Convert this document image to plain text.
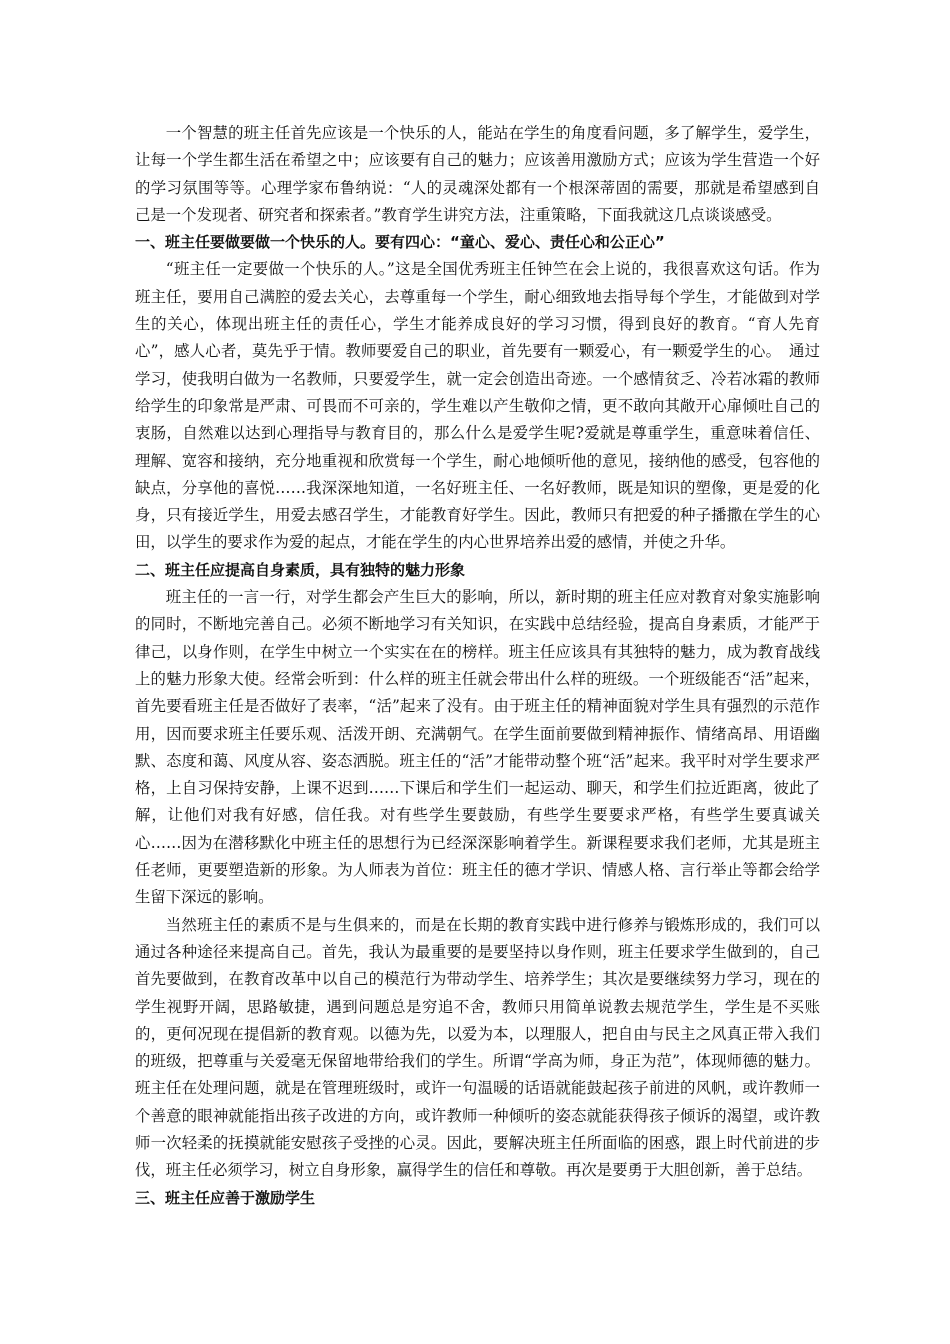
一个智慧的班主任首先应该是一个快乐的人，能站在学生的角度看问题，多了解学生，爱学生，让每一个学生都生活在希望之中；应该要有自己的魅力；应该善用激励方式；应该为学生营造一个好的学习氛围等等。心理学家布鲁纳说：“人的灵魂深处都有一个根深蒂固的需要，那就是希望感到自己是一个发现者、研究者和探索者。”教育学生讲究方法，注重策略，下面我就这几点谈谈感受。

一、班主任要做要做一个快乐的人。要有四心：“童心、爱心、责任心和公正心”

“班主任一定要做一个快乐的人。”这是全国优秀班主任钟竺在会上说的，我很喜欢这句话。作为班主任，要用自己满腔的爱去关心，去尊重每一个学生，耐心细致地去指导每个学生，才能做到对学生的关心，体现出班主任的责任心，学生才能养成良好的学习习惯，得到良好的教育。“育人先育心”，感人心者，莫先乎于情。教师要爱自己的职业，首先要有一颗爱心，有一颗爱学生的心。　通过学习，使我明白做为一名教师，只要爱学生，就一定会创造出奇迹。一个感情贫乏、冷若冰霜的教师给学生的印象常是严肃、可畏而不可亲的，学生难以产生敬仰之情，更不敢向其敞开心扉倾吐自己的衷肠，自然难以达到心理指导与教育目的，那么什么是爱学生呢?爱就是尊重学生，重意味着信任、理解、宽容和接纳，充分地重视和欣赏每一个学生，耐心地倾听他的意见，接纳他的感受，包容他的缺点，分享他的喜悦……我深深地知道，一名好班主任、一名好教师，既是知识的塑像，更是爱的化身，只有接近学生，用爱去感召学生，才能教育好学生。因此，教师只有把爱的种子播撒在学生的心田，以学生的要求作为爱的起点，才能在学生的内心世界培养出爱的感情，并使之升华。

二、班主任应提高自身素质，具有独特的魅力形象

班主任的一言一行，对学生都会产生巨大的影响，所以，新时期的班主任应对教育对象实施影响的同时，不断地完善自己。必须不断地学习有关知识，在实践中总结经验，提高自身素质，才能严于律己，以身作则，在学生中树立一个实实在在的榜样。班主任应该具有其独特的魅力，成为教育战线上的魅力形象大使。经常会听到：什么样的班主任就会带出什么样的班级。一个班级能否“活”起来，首先要看班主任是否做好了表率，“活”起来了没有。由于班主任的精神面貌对学生具有强烈的示范作用，因而要求班主任要乐观、活泼开朗、充满朝气。在学生面前要做到精神振作、情绪高昂、用语幽默、态度和蔼、风度从容、姿态洒脱。班主任的“活”才能带动整个班“活”起来。我平时对学生要求严格，上自习保持安静，上课不迟到……下课后和学生们一起运动、聊天，和学生们拉近距离，彼此了解，让他们对我有好感，信任我。对有些学生要鼓励，有些学生要要求严格，有些学生要真诚关心……因为在潜移默化中班主任的思想行为已经深深影响着学生。新课程要求我们老师，尤其是班主任老师，更要塑造新的形象。为人师表为首位：班主任的德才学识、情感人格、言行举止等都会给学生留下深远的影响。

当然班主任的素质不是与生俱来的，而是在长期的教育实践中进行修养与锻炼形成的，我们可以通过各种途径来提高自己。首先，我认为最重要的是要坚持以身作则，班主任要求学生做到的，自己首先要做到，在教育改革中以自己的模范行为带动学生、培养学生；其次是要继续努力学习，现在的学生视野开阔，思路敏捷，遇到问题总是穷追不舍，教师只用简单说教去规范学生，学生是不买账的，更何况现在提倡新的教育观。以德为先，以爱为本，以理服人，把自由与民主之风真正带入我们的班级，把尊重与关爱毫无保留地带给我们的学生。所谓“学高为师，身正为范”，体现师德的魅力。班主任在处理问题，就是在管理班级时，或许一句温暖的话语就能鼓起孩子前进的风帆，或许教师一个善意的眼神就能指出孩子改进的方向，或许教师一种倾听的姿态就能获得孩子倾诉的渴望，或许教师一次轻柔的抚摸就能安慰孩子受挫的心灵。因此，要解决班主任所面临的困惑，跟上时代前进的步伐，班主任必须学习，树立自身形象，赢得学生的信任和尊敬。再次是要勇于大胆创新，善于总结。

三、班主任应善于激励学生
